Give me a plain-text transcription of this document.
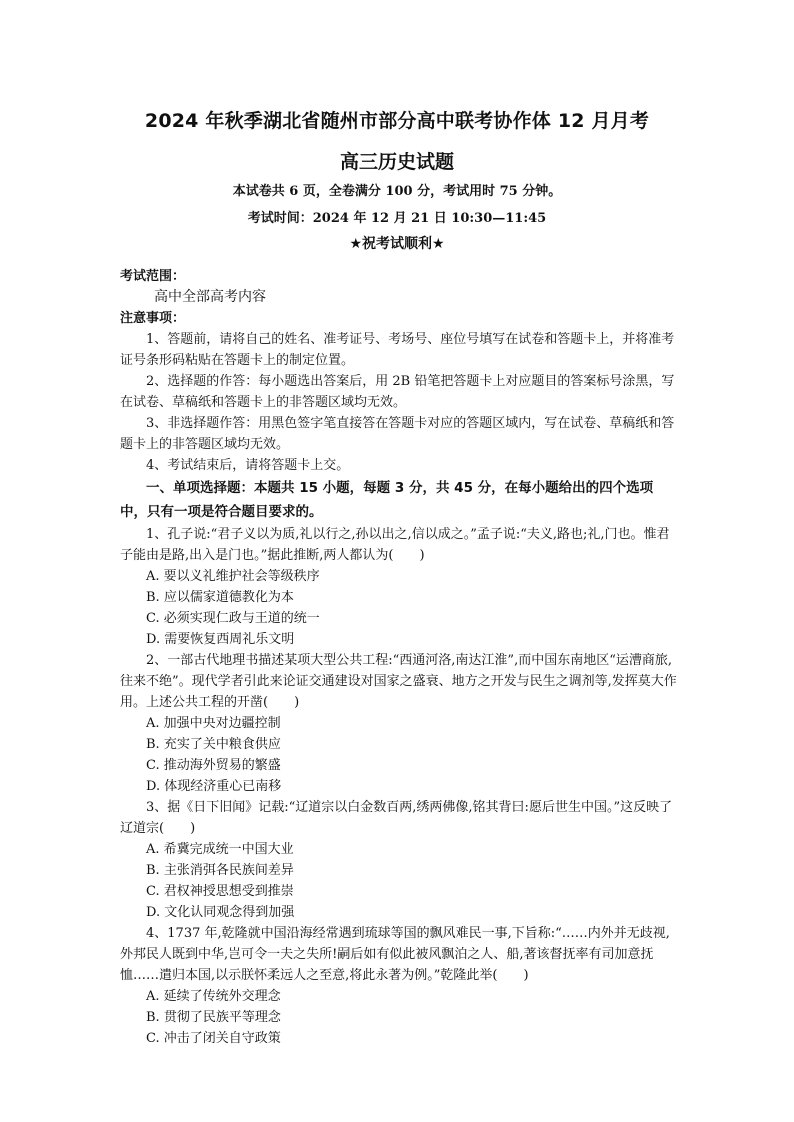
2024 年秋季湖北省随州市部分高中联考协作体 12 月月考
高三历史试题
本试卷共 6 页，全卷满分 100 分，考试用时 75 分钟。
考试时间：2024 年 12 月 21 日 10:30—11:45
★祝考试顺利★
考试范围：
高中全部高考内容
注意事项：

1、答题前，请将自己的姓名、准考证号、考场号、座位号填写在试卷和答题卡上，并将准考证号条形码粘贴在答题卡上的制定位置。

2、选择题的作答：每小题选出答案后，用 2B 铅笔把答题卡上对应题目的答案标号涂黑，写在试卷、草稿纸和答题卡上的非答题区域均无效。

3、非选择题作答：用黑色签字笔直接答在答题卡对应的答题区域内，写在试卷、草稿纸和答题卡上的非答题区域均无效。

4、考试结束后，请将答题卡上交。

一、单项选择题：本题共 15 小题，每题 3 分，共 45 分，在每小题给出的四个选项中，只有一项是符合题目要求的。

1、孔子说:“君子义以为质,礼以行之,孙以出之,信以成之。”孟子说:“夫义,路也;礼,门也。惟君子能由是路,出入是门也。”据此推断,两人都认为(　　)

A. 要以义礼维护社会等级秩序

B. 应以儒家道德教化为本

C. 必须实现仁政与王道的统一

D. 需要恢复西周礼乐文明

2、一部古代地理书描述某项大型公共工程:“西通河洛,南达江淮”,而中国东南地区“运漕商旅,往来不绝”。现代学者引此来论证交通建设对国家之盛衰、地方之开发与民生之调剂等,发挥莫大作用。上述公共工程的开凿(　　)

A. 加强中央对边疆控制

B. 充实了关中粮食供应

C. 推动海外贸易的繁盛

D. 体现经济重心已南移

3、据《日下旧闻》记载:“辽道宗以白金数百两,绣两佛像,铭其背曰:愿后世生中国。”这反映了辽道宗(　　)

A. 希冀完成统一中国大业

B. 主张消弭各民族间差异

C. 君权神授思想受到推崇

D. 文化认同观念得到加强

4、1737 年,乾隆就中国沿海经常遇到琉球等国的飘风难民一事,下旨称:“……内外并无歧视,外邦民人既到中华,岂可令一夫之失所!嗣后如有似此被风飘泊之人、船,著该督抚率有司加意抚恤……遣归本国,以示朕怀柔远人之至意,将此永著为例。”乾隆此举(　　)

A. 延续了传统外交理念

B. 贯彻了民族平等理念

C. 冲击了闭关自守政策
